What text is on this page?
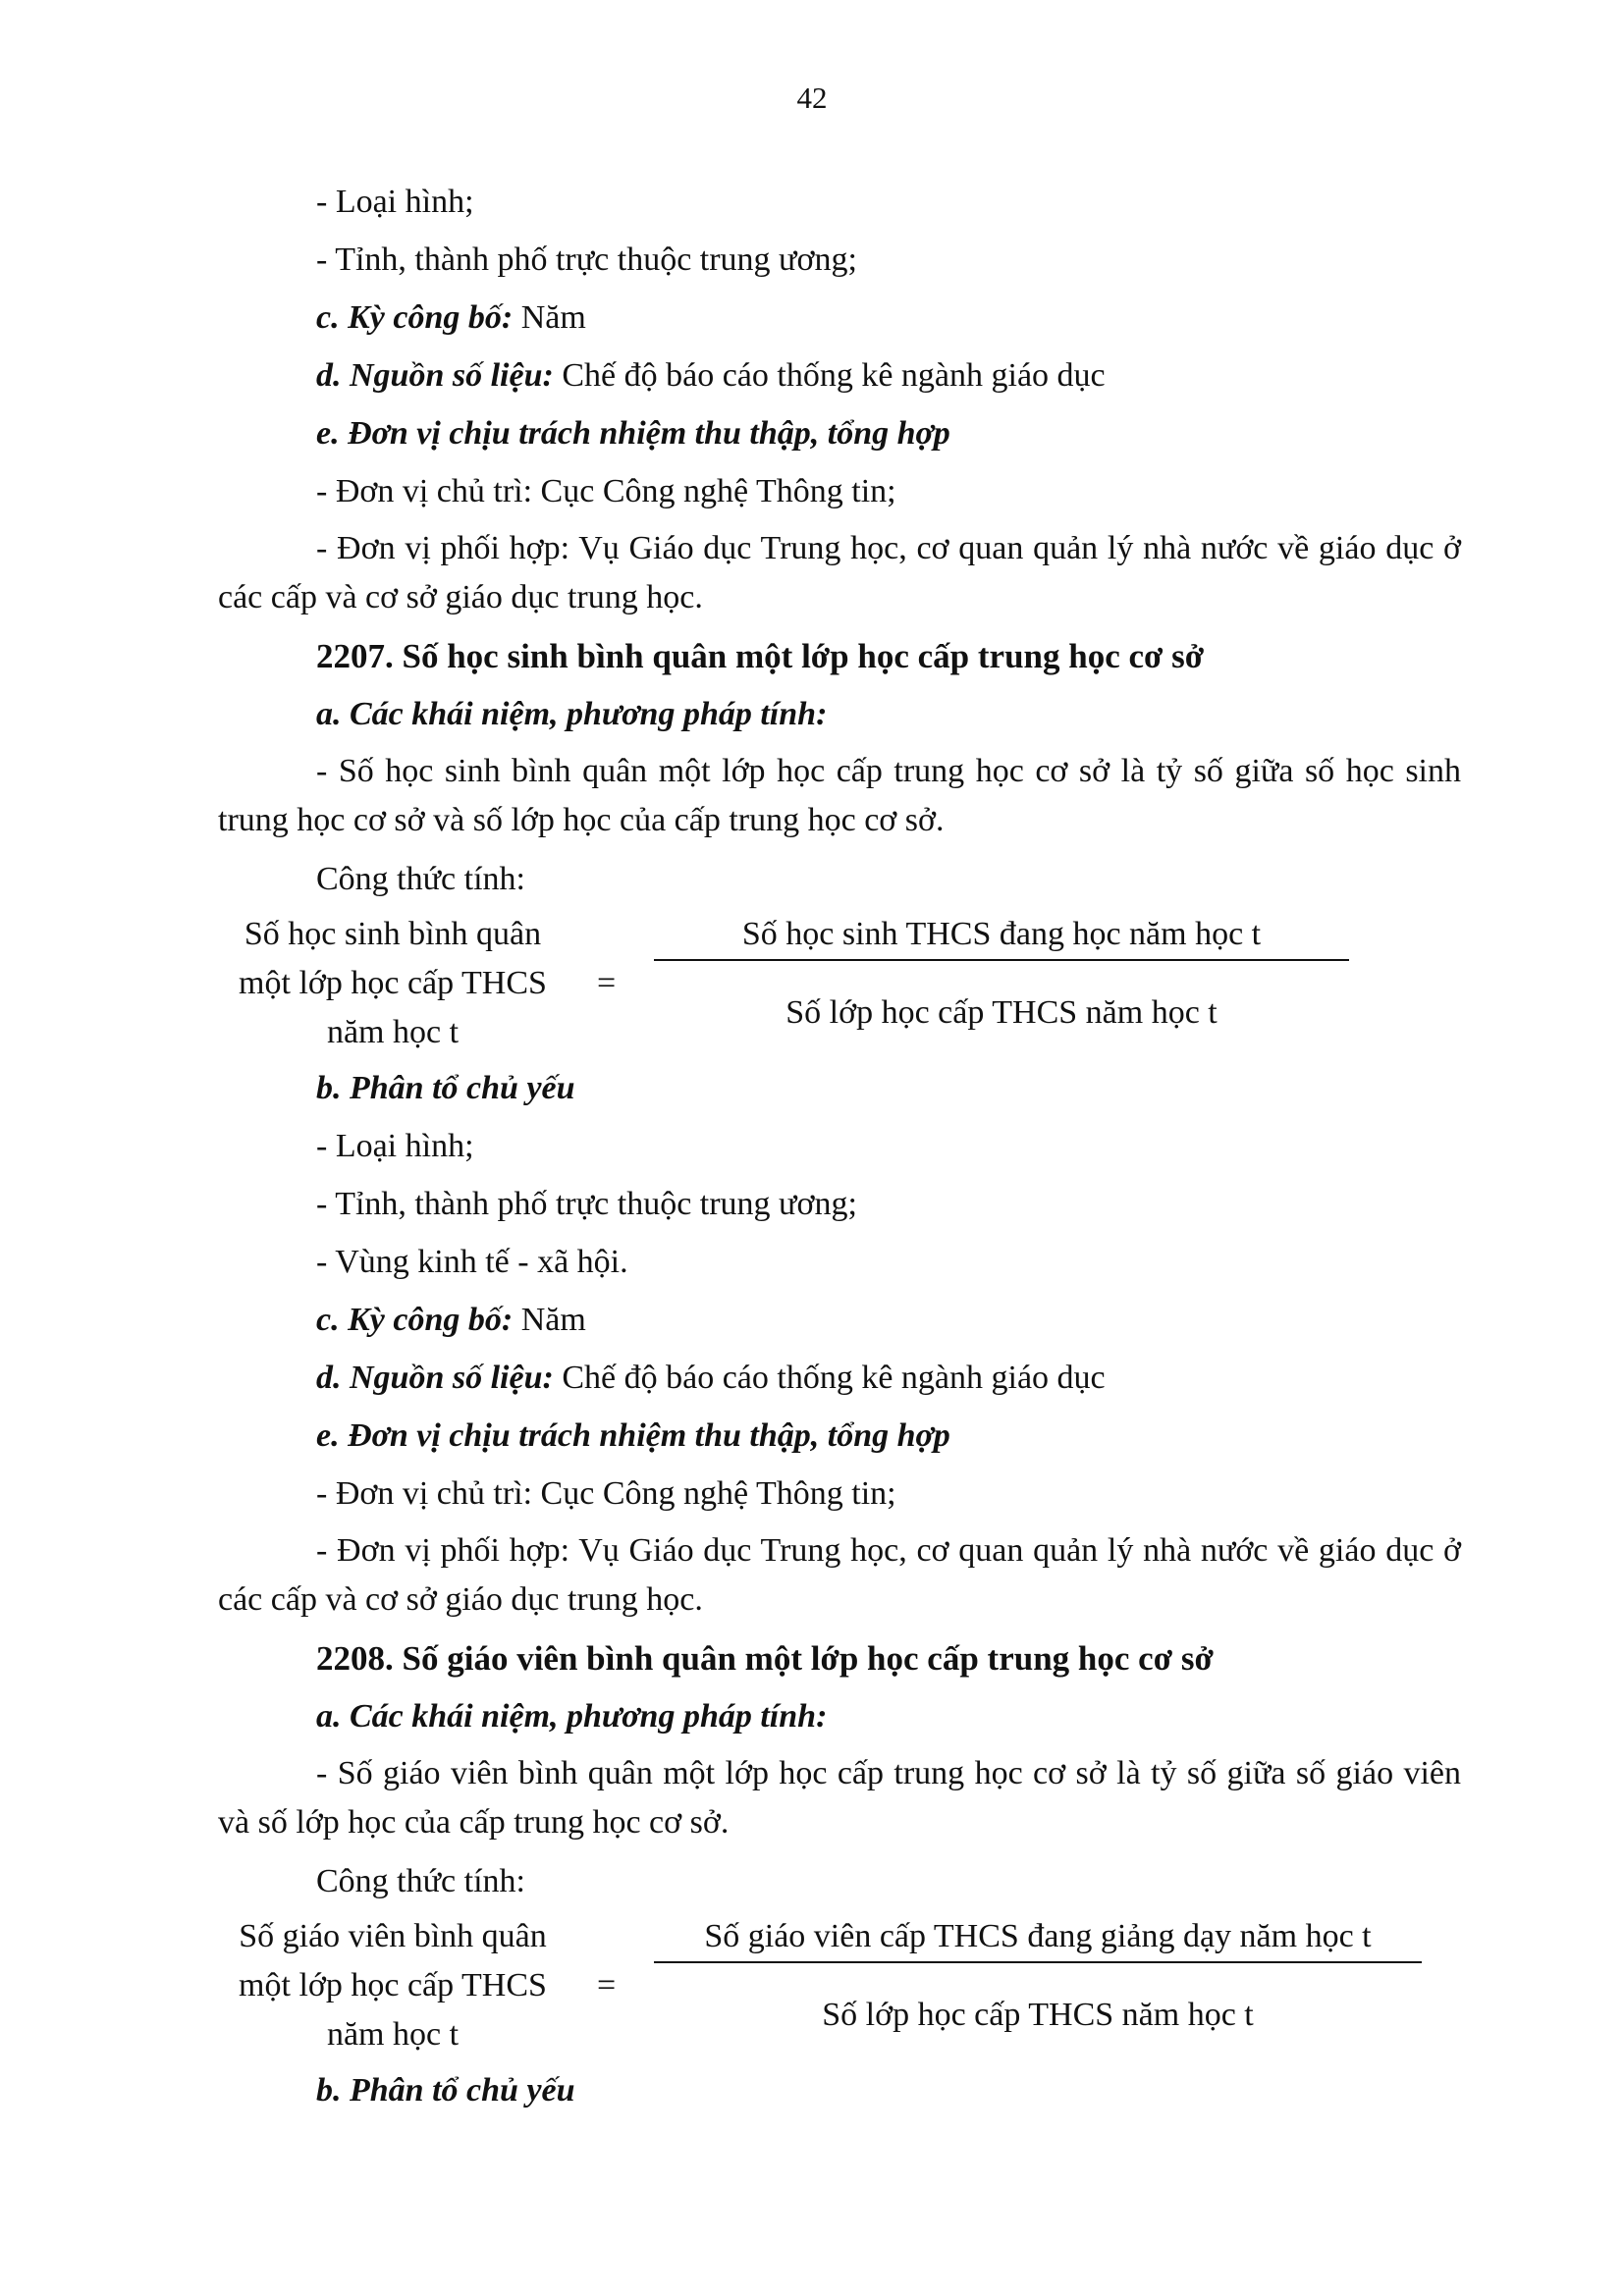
42

- Loại hình;

- Tỉnh, thành phố trực thuộc trung ương;

c. Kỳ công bố: Năm

d. Nguồn số liệu: Chế độ báo cáo thống kê ngành giáo dục

e. Đơn vị chịu trách nhiệm thu thập, tổng hợp

- Đơn vị chủ trì: Cục Công nghệ Thông tin;

- Đơn vị phối hợp: Vụ Giáo dục Trung học, cơ quan quản lý nhà nước về giáo dục ở các cấp và cơ sở giáo dục trung học.

2207. Số học sinh bình quân một lớp học cấp trung học cơ sở

a. Các khái niệm, phương pháp tính:

- Số học sinh bình quân một lớp học cấp trung học cơ sở là tỷ số giữa số học sinh trung học cơ sở và số lớp học của cấp trung học cơ sở.

Công thức tính:

Số học sinh bình quân
một lớp học cấp THCS
năm học t
=
Số học sinh THCS đang học năm học t
Số lớp học cấp THCS năm học t

b. Phân tổ chủ yếu

- Loại hình;

- Tỉnh, thành phố trực thuộc trung ương;

- Vùng kinh tế - xã hội.

c. Kỳ công bố: Năm

d. Nguồn số liệu: Chế độ báo cáo thống kê ngành giáo dục

e. Đơn vị chịu trách nhiệm thu thập, tổng hợp

- Đơn vị chủ trì: Cục Công nghệ Thông tin;

- Đơn vị phối hợp: Vụ Giáo dục Trung học, cơ quan quản lý nhà nước về giáo dục ở các cấp và cơ sở giáo dục trung học.

2208. Số giáo viên bình quân một lớp học cấp trung học cơ sở

a. Các khái niệm, phương pháp tính:

- Số giáo viên bình quân một lớp học cấp trung học cơ sở là tỷ số giữa số giáo viên và số lớp học của cấp trung học cơ sở.

Công thức tính:

Số giáo viên bình quân
một lớp học cấp THCS
năm học t
=
Số giáo viên cấp THCS đang giảng dạy năm học t
Số lớp học cấp THCS năm học t

b. Phân tổ chủ yếu
